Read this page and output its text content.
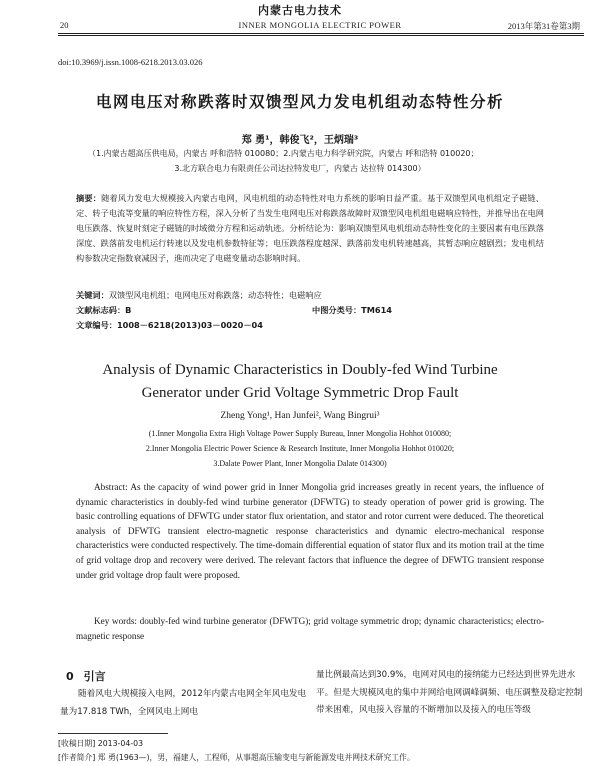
内蒙古电力技术
20	INNER MONGOLIA ELECTRIC POWER	2013年第31卷第3期
doi:10.3969/j.issn.1008-6218.2013.03.026
电网电压对称跌落时双馈型风力发电机组动态特性分析
郑 勇¹，韩俊飞²，王炳瑞³
（1.内蒙古超高压供电局，内蒙古 呼和浩特 010080；2.内蒙古电力科学研究院，内蒙古 呼和浩特 010020；
3.北方联合电力有限责任公司达拉特发电厂，内蒙古 达拉特 014300）
摘要：随着风力发电大规模接入内蒙古电网，风电机组的动态特性对电力系统的影响日益严重。基于双馈型风电机组定子磁链、定、转子电流等变量的响应特性方程，深入分析了当发生电网电压对称跌落故障时双馈型风电机组电磁响应特性，并推导出在电网电压跌落、恢复时刻定子磁链的时域微分方程和运动轨迹。分析结论为：影响双馈型风电机组动态特性变化的主要因素有电压跌落深度、跌落前发电机运行转速以及发电机参数特征等；电压跌落程度越深、跌落前发电机转速越高，其暂态响应越剧烈；发电机结构参数决定指数衰减因子，進而决定了电磁变量动态影响时间。
关键词：双馈型风电机组；电网电压对称跌落；动态特性；电磁响应
文献标志码：B	中图分类号：TM614
文章编号：1008－6218(2013)03－0020－04
Analysis of Dynamic Characteristics in Doubly-fed Wind Turbine
Generator under Grid Voltage Symmetric Drop Fault
Zheng Yong¹, Han Junfei², Wang Bingrui³
(1.Inner Mongolia Extra High Voltage Power Supply Bureau, Inner Mongolia Hohhot 010080;
2.Inner Mongolia Electric Power Science & Research Institute, Inner Mongolia Hohhot 010020;
3.Dalate Power Plant, Inner Mongolia Dalate 014300)
Abstract: As the capacity of wind power grid in Inner Mongolia grid increases greatly in recent years, the influence of dynamic characteristics in doubly-fed wind turbine generator (DFWTG) to steady operation of power grid is growing. The basic controlling equations of DFWTG under stator flux orientation, and stator and rotor current were deduced. The theoretical analysis of DFWTG transient electro-magnetic response characteristics and dynamic electro-mechanical response characteristics were conducted respectively. The time-domain differential equation of stator flux and its motion trail at the time of grid voltage drop and recovery were derived. The relevant factors that influence the degree of DFWTG transient response under grid voltage drop fault were proposed.
Key words: doubly-fed wind turbine generator (DFWTG); grid voltage symmetric drop; dynamic characteristics; electro-magnetic response
0 引言
随着风电大规模接入电网，2012年内蒙古电网全年风电发电量为17.818 TWh，全网风电上网电
量比例最高达到30.9%，电网对风电的接纳能力已经达到世界先进水平。但是大规模风电的集中并网给电网调峰调频、电压调整及稳定控制带来困难，风电接入容量的不断增加以及接入的电压等级
[收稿日期] 2013-04-03
[作者简介] 郑 勇(1963—)，男，福建人，工程师，从事超高压输变电与新能源发电并网技术研究工作。
